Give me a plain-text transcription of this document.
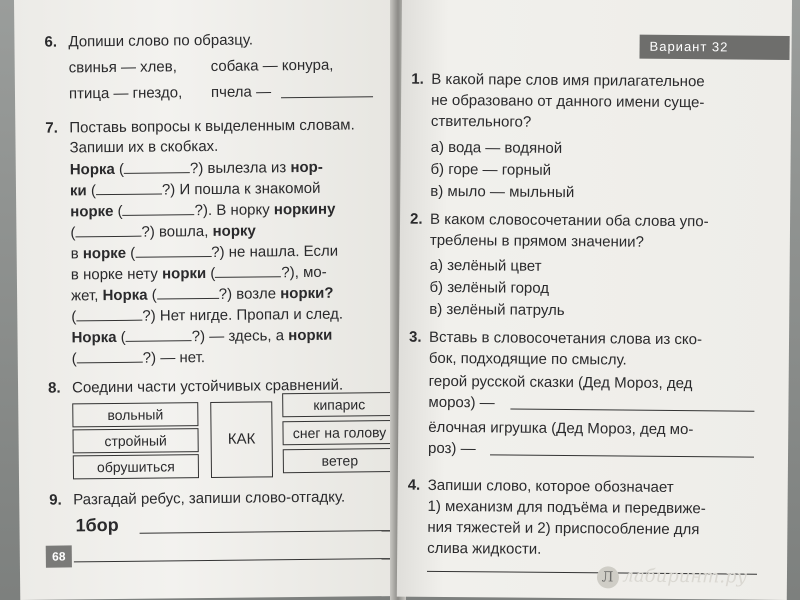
6. Допиши слово по образцу.
свинья — хлев, собака — конура,
птица — гнездо, пчела —
7. Поставь вопросы к выделенным словам.
Запиши их в скобках.
Норка (	?) вылезла из нор-
ки (	?) И пошла к знакомой
норке (	?). В норку норкину
(	?) вошла, норку
в норке (	?) не нашла. Если
в норке нету норки (	?), мо-
жет, Норка (	?) возле норки?
(	?) Нет нигде. Пропал и след.
Норка (	?) — здесь, а норки
(	?) — нет.
8. Соедини части устойчивых сравнений.
вольный
стройный
обрушиться
КАК
кипарис
снег на голову
ветер
9. Разгадай ребус, запиши слово-отгадку.
1бор
68
Вариант 32
1. В какой паре слов имя прилагательное
не образовано от данного имени суще-
ствительного?
а) вода — водяной
б) горе — горный
в) мыло — мыльный
2. В каком словосочетании оба слова упо-
треблены в прямом значении?
а) зелёный цвет
б) зелёный город
в) зелёный патруль
3. Вставь в словосочетания слова из ско-
бок, подходящие по смыслу.
герой русской сказки (Дед Мороз, дед
мороз) —
ёлочная игрушка (Дед Мороз, дед мо-
роз) —
4. Запиши слово, которое обозначает
1) механизм для подъёма и передвиже-
ния тяжестей и 2) приспособление для
слива жидкости.
Л лабиринт.ру
